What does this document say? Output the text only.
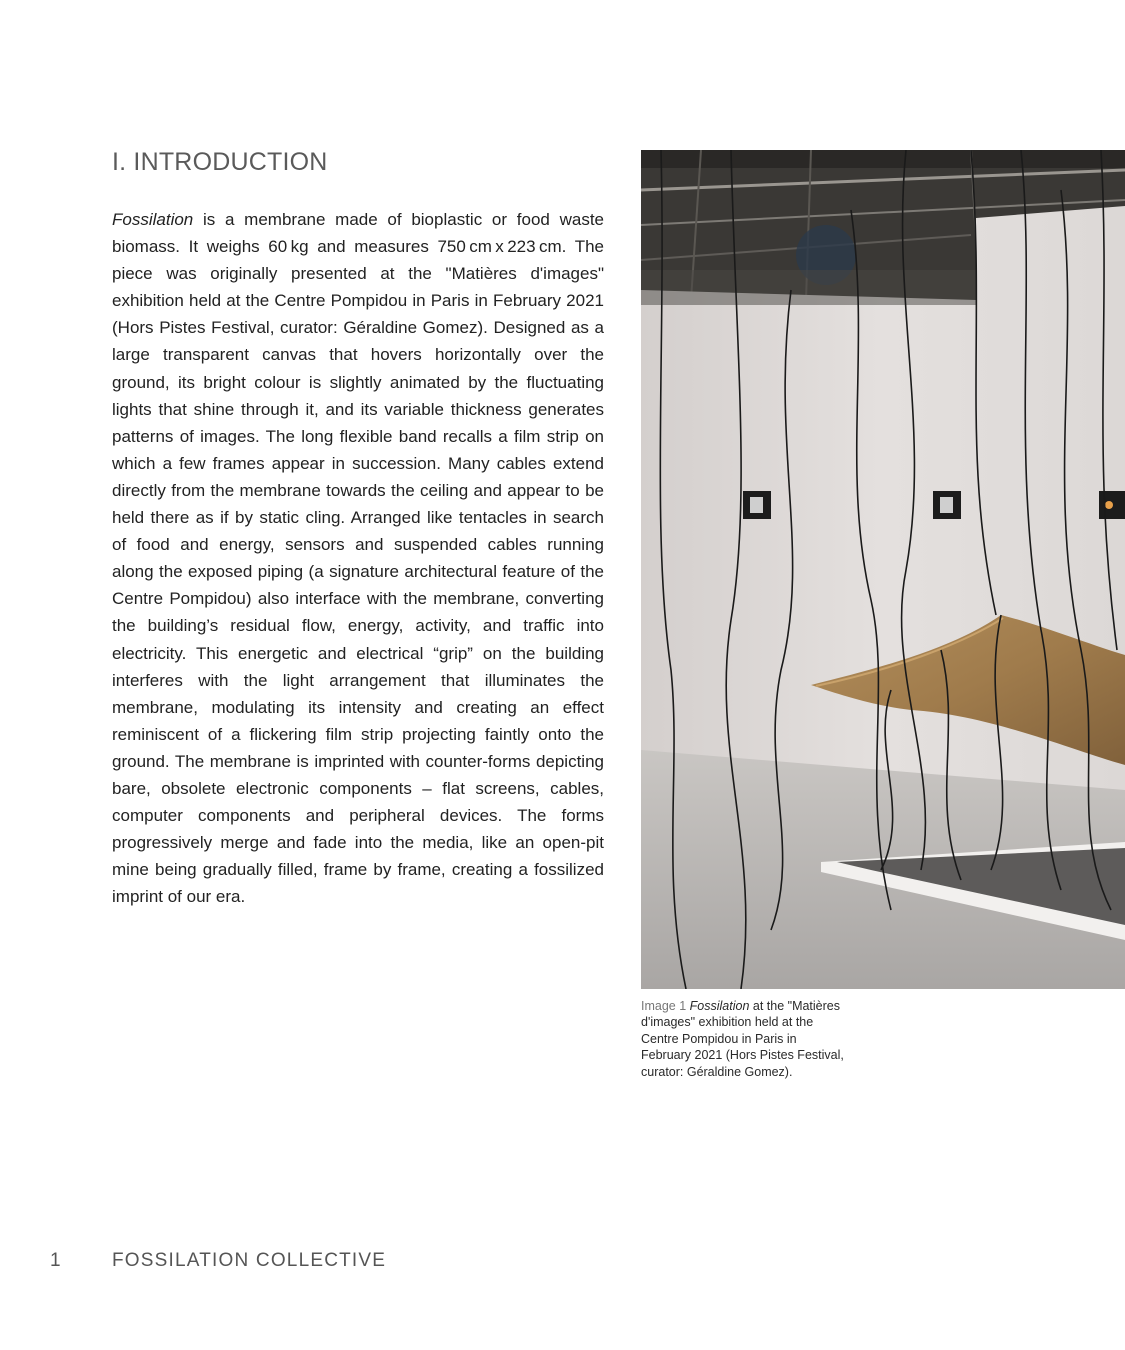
I. INTRODUCTION

Fossilation is a membrane made of bioplastic or food waste biomass. It weighs 60 kg and measures 750 cm x 223 cm. The piece was originally presented at the "Matières d'images" exhibition held at the Centre Pompidou in Paris in February 2021 (Hors Pistes Festival, curator: Géraldine Gomez). Designed as a large transparent canvas that hovers horizontally over the ground, its bright colour is slightly animated by the fluctuating lights that shine through it, and its variable thickness generates patterns of images. The long flexible band recalls a film strip on which a few frames appear in succession. Many cables extend directly from the membrane towards the ceiling and appear to be held there as if by static cling. Arranged like tentacles in search of food and energy, sensors and suspended cables running along the exposed piping (a signature architectural feature of the Centre Pompidou) also interface with the membrane, converting the building’s residual flow, energy, activity, and traffic into electricity. This energetic and electrical “grip” on the building interferes with the light arrangement that illuminates the membrane, modulating its intensity and creating an effect reminiscent of a flickering film strip projecting faintly onto the ground. The membrane is imprinted with counter-forms depicting bare, obsolete electronic components – flat screens, cables, computer components and peripheral devices. The forms progressively merge and fade into the media, like an open-pit mine being gradually filled, frame by frame, creating a fossilized imprint of our era.

Image 1 Fossilation at the "Matières d'images" exhibition held at the Centre Pompidou in Paris in February 2021 (Hors Pistes Festival, curator: Géraldine Gomez).

1	FOSSILATION COLLECTIVE
